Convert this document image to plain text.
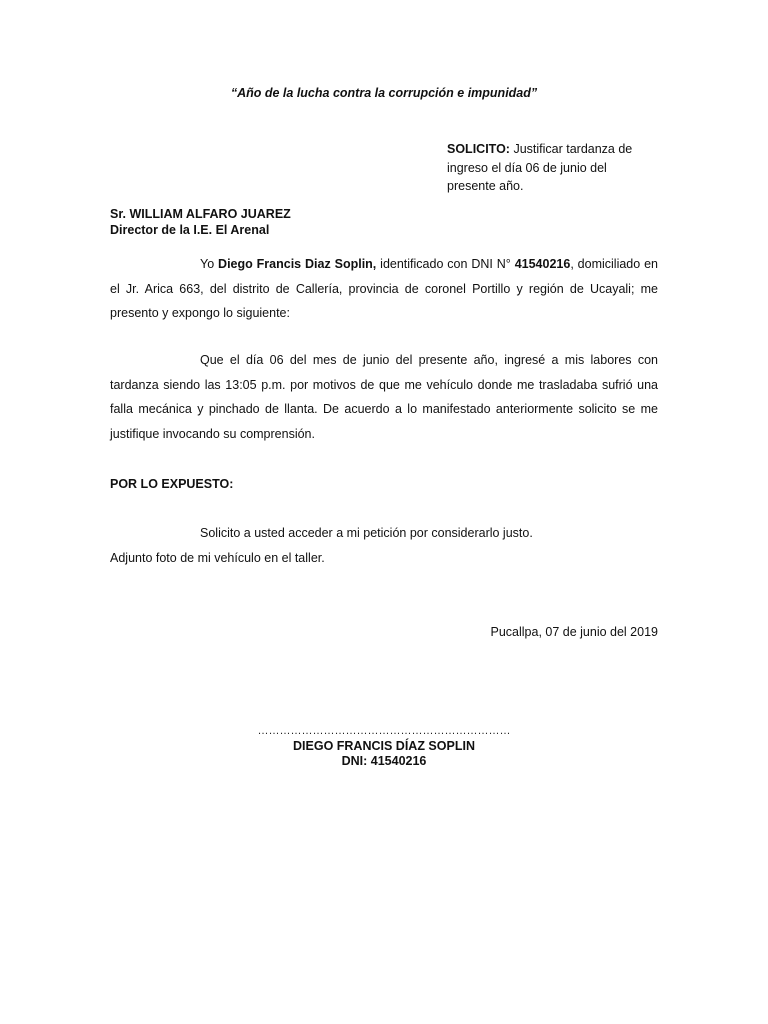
“Año de la lucha contra la corrupción e impunidad”
SOLICITO: Justificar tardanza de ingreso el día 06 de junio del presente año.
Sr. WILLIAM ALFARO JUAREZ
Director de la I.E. El Arenal
Yo Diego Francis Diaz Soplin, identificado con DNI N° 41540216, domiciliado en el Jr. Arica 663, del distrito de Callería, provincia de coronel Portillo y región de Ucayali; me presento y expongo lo siguiente:
Que el día 06 del mes de junio del presente año, ingresé a mis labores con tardanza siendo las 13:05 p.m. por motivos de que me vehículo donde me trasladaba sufrió una falla mecánica y pinchado de llanta. De acuerdo a lo manifestado anteriormente solicito se me justifique invocando su comprensión.
POR LO EXPUESTO:
Solicito a usted acceder a mi petición por considerarlo justo.
Adjunto foto de mi vehículo en el taller.
Pucallpa, 07 de junio del 2019
……………………………………………………………
DIEGO FRANCIS DÍAZ SOPLIN
DNI: 41540216
